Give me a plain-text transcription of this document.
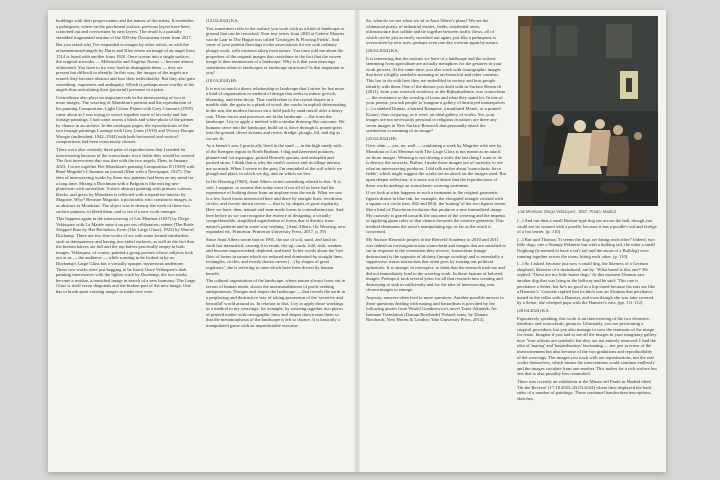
buildings with their proper names and the names of the artists. It resembles a palimpsest, where on the parchment surface, previous layers have been scratched out and overwritten by new layers. The result is a partially shredded fragmented residue of the 500-day Documenta event from 2017.

But you asked why I've responded to images by other artists, as with the aforementioned angels by Dürer and Klee where an image of an angel from 1514 is fused with another from 1920. Once woven into a single surface, the original artworks — Melencolia and Angelus Novus — become almost obliterated. You have to try very hard to distinguish them — they are present but difficult to identify. In this way, the images of the angels are erased; they become abstract and lose their individuality. But they also gain something: vagueness and ambiguity. Which is perhaps more worthy of the angels than articulating their (pictorial) presence in a print.

Coincidence also plays an important role in the interweaving of two or more images. The weaving of Mondrian's portrait and the reproduction of his painting Composition: Light Colour Planes with Grey Contours (1919) came about as I was trying to weave together some of his early and late footage paintings. I had come across a black and white photo of the painter by chance in an archive. In the catalogue pages, the reproductions of the two footage paintings Lozenge with Grey Lines (1918) and Victory Boogie Woogie (unfinished, 1942–1944) with both horizontal and vertical compositions had been consciously chosen.

There were also certainly three pairs of reproductions that I needed for interweaving because of the iconoclastic force fields they would be created. The first interwoven duo was that with the two angels. Then, in January 2023, I wove together Piet Mondrian's painting Composition II (1929) with René Magritte's L'homme au journal (Man with a Newspaper, 1927). The idea of interweaving works by these two painters had been on my mind for a long time. Mixing a Dutchman with a Belgian is like mixing neo-plasticism with surrealism. A strict abstract painting with primary colours, blacks, and greys by Mondrian is reflected with a repetitive interior by Magritte. Why? Because Magritte, a pictorialist who constructs images, is as abstract as Mondrian. The object was to destroy the work of these two surface painters, to bleed them, and to see if a new work emerges.

This happens again in the interweaving of Las Meninas (1657) by Diego Velázquez with La Mariée mise à nu par ses célibataires, même (The Bride Stripped Bare by Her Bachelors, Even (The Large Glass), 1923) by Marcel Duchamp. There are two fine works of art with some formal similarities, such as transparency and having two-sided surfaces, as well as the fact that the bottom halves are full and the top halves practically empty in both images. Velázquez, of course, painted a group portrait whose subjects look out at us — the audience — while wanting to be looked at by us. Duchamp's Large Glass has a virtually opaque, mysterious undertone. Those two works were just begging to be fused. Once Velázquez's dark painting interweaves with the lighter work by Duchamp, the two works become a residue, a tarnished image in search of a new harmony. The Large Glass is itself seven diagonals and the broken part of the new image. One has to break apart existing images to make new ones.

(12.04.2024) KA:

You sometimes refer to the surface you work with as a kind of landscape or ground that can be reworked. Your text series from 2020 at Galerie Maurits van de Laar in The Hague was called 'Geologies & Plowing Fields'. And some of your pattern drawings evoke associations for me with ordinary plough work, with contours taken from nature. You once told me about the properties of the original images that contribute to the fact that the woven image is then reminiscent of a landscape. Why is it that your drawings sometimes relate to landscapes or landscape structures? Is that important to you?

(18.04.2024) HI:

It is not so much a direct relationship to landscape that I strive for but more a kind of organisation or method of design that seeks to mimic growth, blooming, and even decay. That could relate to the crystal shapes in a marble slab, the grain in a plank of wood, the cracks in asphalt deteriorating in the sun, the modern furrows on a field path by sand runoff after a heavy rain. These traces and processes are in the landscape — the form the landscape. I try to apply a method with a similar drawing-like outcome. We humans carve into the landscape, build on it, drive through it, pound grass into the ground, divert streams and rivers, dredge, plough, fill, and dig as we see fit.

As a farmer's son, I practically lived in the sand — in the high sandy soils of the Kempen region in North Brabant. I dug and harvested potatoes, planted and cut asparagus, picked Brussels sprouts, and unloaded and packed straw. I think that is why the earth's surface and its tillage interest me so much. When I weave in the past, I'm reminded of the soil which we plough and plant, in which we dig, and on which we live.

In On Weaving (1965), Anni Albers writes something related to this: 'It is safe, I suppose, to assume that today most if not all of us have had the experience of looking down from an airplane onto the earth. What we saw is a few fixed forms intersected here and there by straight lines, rectilinear circles, and evenly drawn curves — that is, by shapes of great regularity. Here we have, then, natural and man-made forms in contradistinction. And here before us we can recognise the essence of designing, a visually comprehensible, simplified organisation of forms that is distinct from nature's patterns and in some way wishing.' (Anni Albers, On Weaving, new expanded ed., Princeton: Princeton University Press, 2017, p. 59)

Since Anni Albers wrote that in 1965, the use of soil, sand, and land on earth has intensified, causing it to erode, dry up, crack, fold, sink, weaken, and become impoverished, depleted, and tired. In her words about the 'free flow of forms in nature which we reduced and dominated by straight lines, rectangles, circles, and evenly drawn curves (...) by shapes of great regularity', she is referring to ones which have been driven by human benefit.

The cultural organisation of the landscape, where nature always loses out in favour of human needs, shows the unreasonableness of profit-seeking entrepreneurs. Designs and shapes the landscape — that reveals the earth in a perplexing and destructive way of taking possession of the 'secretive and beautiful' world around us. In relation to that, I try to apply those workings as a method in my weavings: for example, by weaving together two pieces of printed matter with cartographic lines and shapes drawn onto them so that the metamorphosis of the landscape is left to chance. It is basically a manipulated game with an unpredictable outcome.

So, what do we see when we sit at Anni Albers's plans? We see the whimsical poetry of industrial estates, fields, residential areas, infrastructure that collide and tie together between traffic flows, all of which can be just as easily stretched out again, just like a palimpsest is overwritten by new uses, perhaps even one day overrun again by nature.

(20.04.2024) KA:

It is interesting that the notions we have of a landscape and the actions stemming from agriculture are actually metaphors for the gestures in your work process. At the same time, you also work with iconographic images that have a highly symbolic meaning or art-historical and other contexts. This has to do with how they are embedded in society and how people identify with them. One of the themes you dealt with in Surface Research (2011), from your research residency at the Rijksakademie, was iconoclasm — the resistance to the worship of icons and what they stand for. In one of your poems, you ask people to 'imagine a gallery of destroyed masterpieces (...) a stabbed Dumas, a burned Rampens, a mutilated Monet, or a pruned Koons'; thus conjuring, as it were, an ideal gallery of works. Yet, your images are not necessarily personal or religious in nature; are there any seven images in New Surface Research that personally attack the symbolism or meaning of an image?

(25.04.2024) HI:

Give, uhm — yes, no, well — combining a work by Magritte with one by Mondrian or Las Meninas with The Large Glass is not meant as an attack on those images. Weaving is not driving a wish: the last thing I want to do is destroy the artworks. Rather, I make these images out of curiosity to see what an interweaving produces. I did talk earlier about 'iconoclastic force fields', which might suggest the works are an attack on the images used. But upon deeper reflection, it is more out of desire that the reproductions of these works undergo an iconoclastic weaving treatment.

If we look at what happens in such a treatment to the original geometric figures drawn in blue ink, for example, the elongated triangle crossed with a square or a circle (nos. 082 and 084), the 'mating' of the two figures seems like a kind of Darwinian evolution that produces a new bastardized image. My curiosity is geared towards the outcome of the weaving and the impetus of applying game rules so that chance becomes the creative generator. This method eliminates the artist's manipulating ego as far as the result is concerned.

My Surface Research project at the Rietveld Academy in 2010 and 2011 was indeed an investigation into iconoclasm and images that are smashed or cut in response to the veneration they receive. Iconoclasm (image destruction) is the opposite of idolatry (image worship) and is essentially a suppressive iconic instruction that often goes by rousing our political upheavals. It is strange, in retrospect, to think that the research took me and did not immediately lead to the weaving work. In these fusions of beloved images. Perhaps it took several years for all that research into creating and destroying to sink in sufficiently and for the idea of interweaving wen chosen images to emerge.

Anyway, answers often lead to more questions. Another possible answer to these questions dealing with mating and bastardism is provided by the following quotes from Witold Gombrowicz's novel Trans-Atlantyk: An Intimate Translation (Danuta Borchardt) 'Poland: trans. by Danuta Borchardt, New Haven & London: Yale University Press, 2014).

Las Meninas: Diego Velázquez, 1657, Prado, Madrid

(...) And out then a small Brahon-type dog ran across the hall, though you could see its crossed with a poodle, because it has a poodle's tail and ferelge of a fox terrier. (p. 110)

(...) But said Thomas: 'It seems the dogs are biting each other!' Indeed, two little dogs, one a Stumpy Pekinese but with a bulldog tail, the other a small Dogbong (it seemed to have a rat's tail and the snout of a Bulldog) were running together across the room, biting each other. (p. 110)

(...) So I asked, because just now a small dog, the likeness of a German shepherd, likewise of a dachshund, ran by: 'What breed is this one?' He replied: 'These are my little house dogs.' At this moment Thomas saw another dog that was lying in the hallway and he said: 'This one is perchance a Setter, but he's no good as a lop-eared because his ears are like a Hamster's.' Gonzalo replied that its bitch was an Alsatian that perchance mated in the cellar with a Hamster, and even though she was later covered by a Setter, she whelped pups with the Hamster's ears. (pp. 111-112)

(28.04.2024) KA:

Figuratively speaking, this work is an interweaving of the two elements: idealistic and iconoclastic gestures. Ultimately, you are performing a surgical procedure, but you also manage to save the remnants of the image for reuse. Imagine if you had to see all the images in your imaginary gallery now. Your actions are symbolic but they are not entirely removed. I find the idea of 'mating' and 'bastardization' fascinating — not just in terms of the intertwinement but also because of the two gradations and reproducibility of the weavings. The images you work with are reproductions, not the real works themselves, which means the interventions could continue endlessly and the images circulate from one another. This makes for a rich surface but one that is also possibly less committed.

There was recently an exhibition at the Museo del Prado in Madrid titled 'On the Reverse' (17.10.2023–03.03.2024) where they displayed the back sides of a number of paintings. These contained handwritten inscriptions, sketches,
